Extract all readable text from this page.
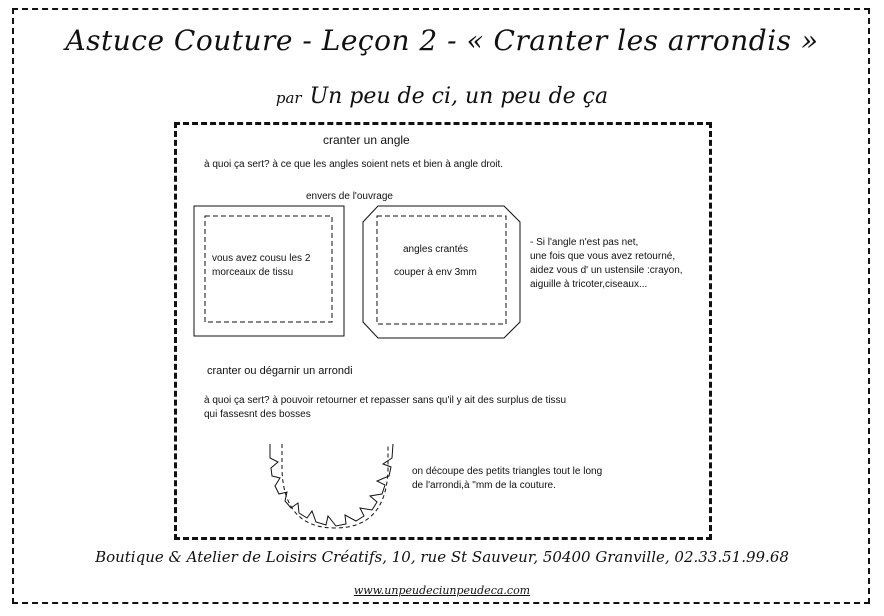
Astuce Couture - Leçon 2 - « Cranter les arrondis »
par Un peu de ci, un peu de ça
cranter un angle
à quoi ça sert? à ce que les angles soient nets et bien à angle droit.
envers de l'ouvrage
vous avez cousu les 2
morceaux de tissu
angles crantés
couper à env 3mm
- Si l'angle n'est pas net,
une fois que vous avez retourné,
aidez vous d' un ustensile :crayon,
aiguille à tricoter,ciseaux...
cranter ou dégarnir un arrondi
à quoi ça sert? à pouvoir retourner et repasser sans qu'il y ait des surplus de tissu
qui fassesnt des bosses
on découpe des petits triangles tout le long
de l'arrondi,à "mm de la couture.
Boutique & Atelier de Loisirs Créatifs, 10, rue St Sauveur, 50400 Granville, 02.33.51.99.68
www.unpeudeciunpeudeca.com
